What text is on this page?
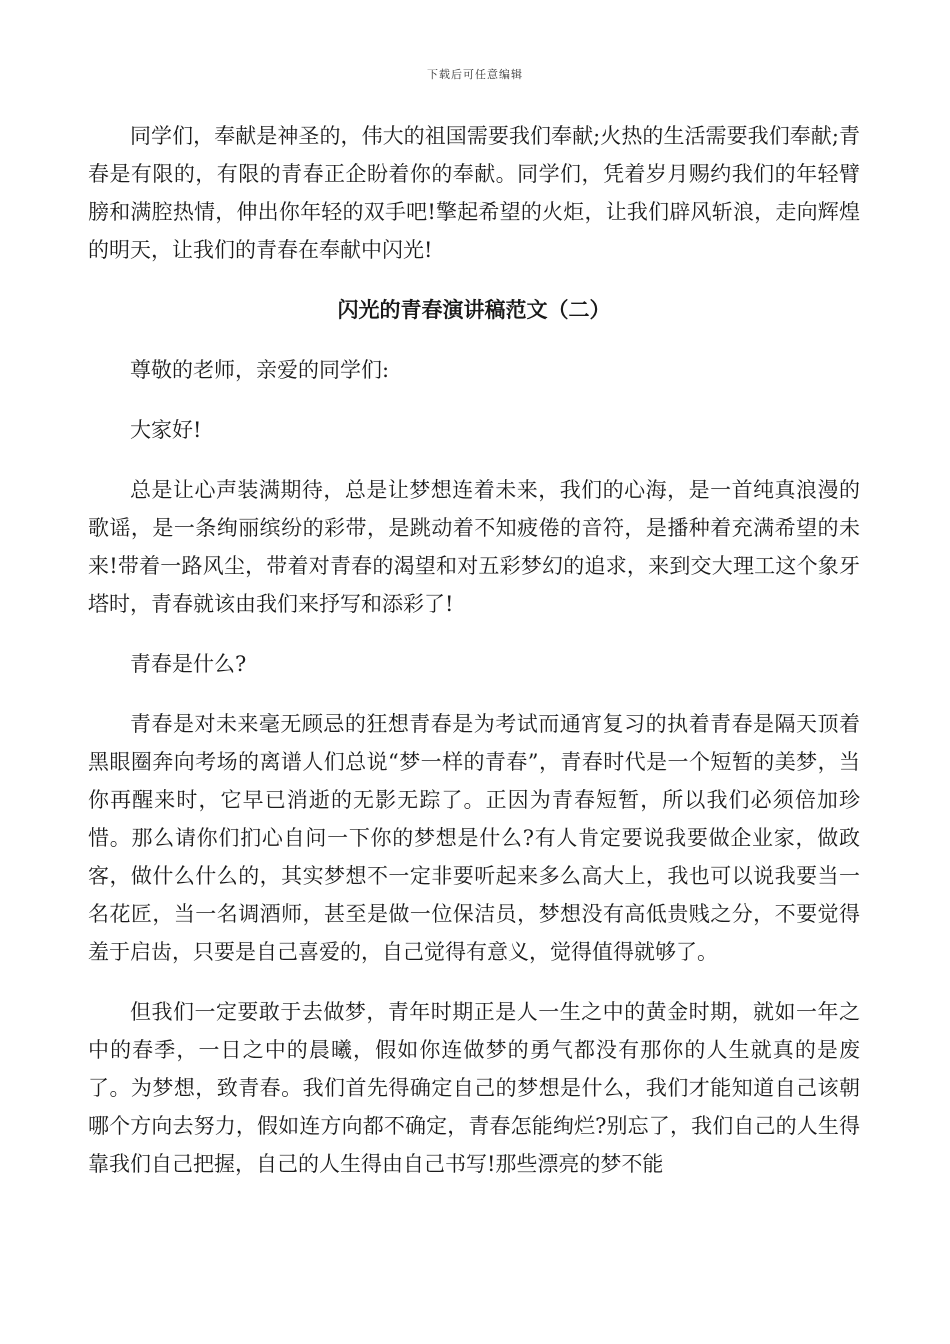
下载后可任意编辑

同学们，奉献是神圣的，伟大的祖国需要我们奉献;火热的生活需要我们奉献;青春是有限的，有限的青春正企盼着你的奉献。同学们，凭着岁月赐约我们的年轻臂膀和满腔热情，伸出你年轻的双手吧!擎起希望的火炬，让我们辟风斩浪，走向辉煌的明天，让我们的青春在奉献中闪光!

闪光的青春演讲稿范文（二）

尊敬的老师，亲爱的同学们:

大家好!

总是让心声装满期待，总是让梦想连着未来，我们的心海，是一首纯真浪漫的歌谣，是一条绚丽缤纷的彩带，是跳动着不知疲倦的音符，是播种着充满希望的未来!带着一路风尘，带着对青春的渴望和对五彩梦幻的追求，来到交大理工这个象牙塔时，青春就该由我们来抒写和添彩了!

青春是什么?

青春是对未来毫无顾忌的狂想青春是为考试而通宵复习的执着青春是隔天顶着黑眼圈奔向考场的离谱人们总说“梦一样的青春”，青春时代是一个短暂的美梦，当你再醒来时，它早已消逝的无影无踪了。正因为青春短暂，所以我们必须倍加珍惜。那么请你们扪心自问一下你的梦想是什么?有人肯定要说我要做企业家，做政客，做什么什么的，其实梦想不一定非要听起来多么高大上，我也可以说我要当一名花匠，当一名调酒师，甚至是做一位保洁员，梦想没有高低贵贱之分，不要觉得羞于启齿，只要是自己喜爱的，自己觉得有意义，觉得值得就够了。

但我们一定要敢于去做梦，青年时期正是人一生之中的黄金时期，就如一年之中的春季，一日之中的晨曦，假如你连做梦的勇气都没有那你的人生就真的是废了。为梦想，致青春。我们首先得确定自己的梦想是什么，我们才能知道自己该朝哪个方向去努力，假如连方向都不确定，青春怎能绚烂?别忘了，我们自己的人生得靠我们自己把握，自己的人生得由自己书写!那些漂亮的梦不能
